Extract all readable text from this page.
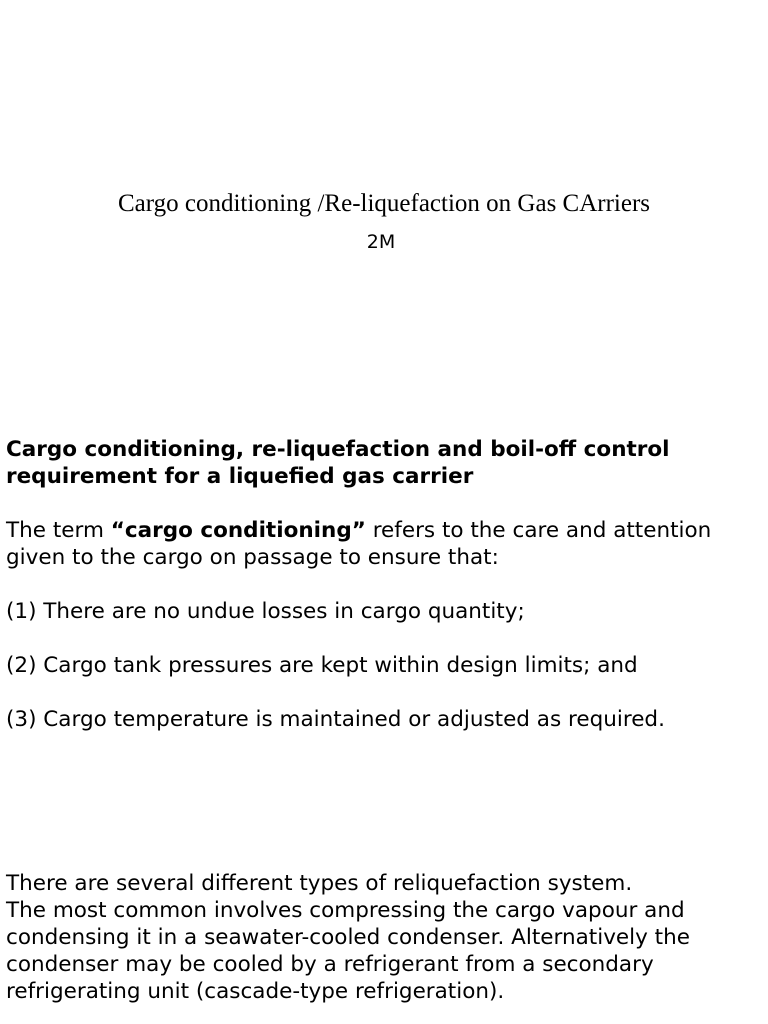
Cargo conditioning /Re-liquefaction on Gas CArriers
2M
Cargo conditioning, re-liquefaction and boil-off control
requirement for a liquefied gas carrier
The term “cargo conditioning” refers to the care and attention
given to the cargo on passage to ensure that:
(1) There are no undue losses in cargo quantity;
(2) Cargo tank pressures are kept within design limits; and
(3) Cargo temperature is maintained or adjusted as required.
There are several different types of reliquefaction system.
The most common involves compressing the cargo vapour and
condensing it in a seawater-cooled condenser. Alternatively the
condenser may be cooled by a refrigerant from a secondary
refrigerating unit (cascade-type refrigeration).
